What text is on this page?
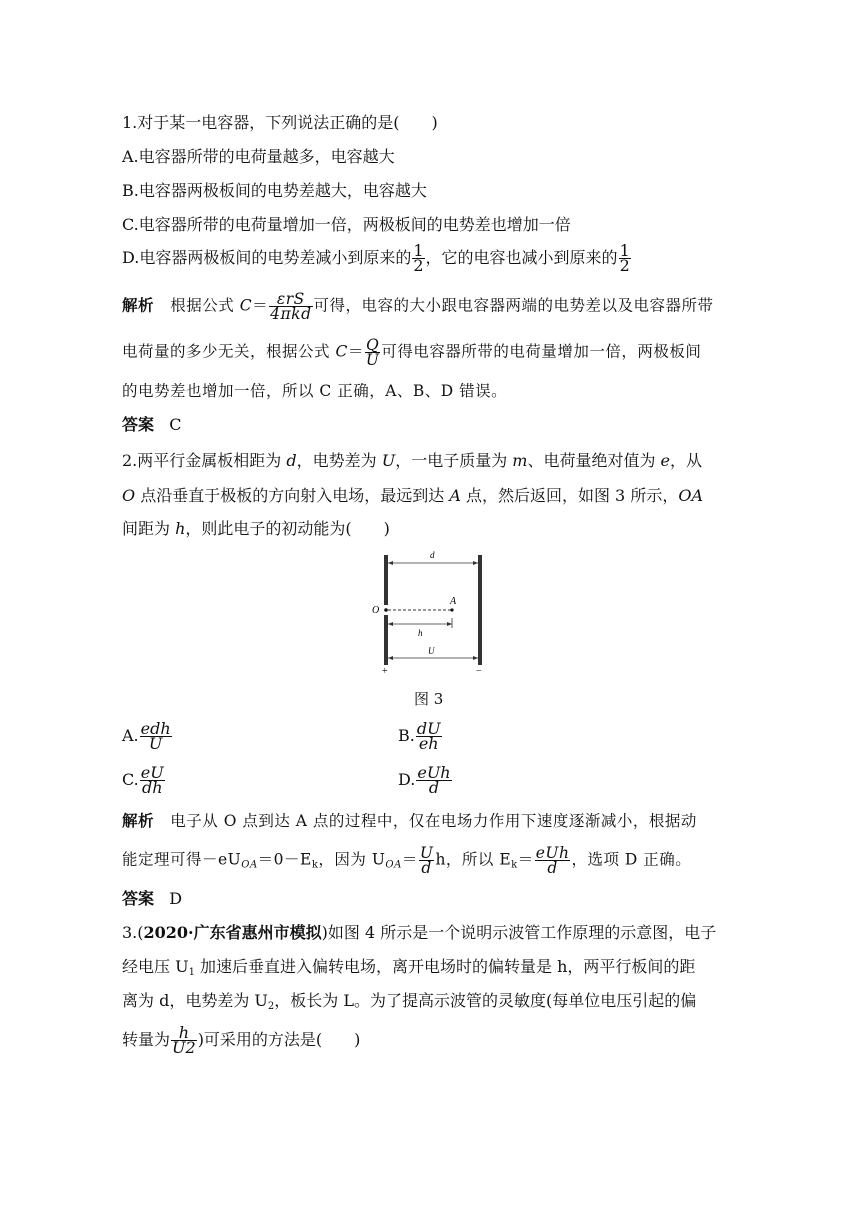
1.对于某一电容器，下列说法正确的是(　　)
A.电容器所带的电荷量越多，电容越大
B.电容器两极板间的电势差越大，电容越大
C.电容器所带的电荷量增加一倍，两极板间的电势差也增加一倍
D.电容器两极板间的电势差减小到原来的 $\frac{1}{2}$ ，它的电容也减小到原来的 $\frac{1}{2}$
解析 根据公式 $C= \frac{\text{εrS}}{\text{4πkd}}$ 可得，电容的大小跟电容器两端的电势差以及电容器所带
电荷量的多少无关，根据公式 $C= \frac{Q}{U}$ 可得电容器所带的电荷量增加一倍，两极板间
的电势差也增加一倍，所以 C 正确，A、B、D 错误。
答案 C
2.两平行金属板相距为 d，电势差为 U，一电子质量为 m、电荷量绝对值为 e，从
O 点沿垂直于极板的方向射入电场，最远到达 A 点，然后返回，如图 3 所示，OA
间距为 h，则此电子的初动能为(　　)
d
O
A
h
U
+	−
图 3
A. $\frac{\text{edh}}{U}$	B. $\frac{dU}{eh}$
C. $\frac{eU}{dh}$	D. $\frac{\text{eUh}}{d}$
解析 电子从 O 点到达 A 点的过程中，仅在电场力作用下速度逐渐减小，根据动
能定理可得$-eU_{OA}=0-E_k$，因为 $U_{OA}= \frac{U}{d}$ h，所以 $E_k= \frac{\text{eUh}}{d}$ ，选项 D 正确。
答案 D
3.(2020·广东省惠州市模拟)如图 4 所示是一个说明示波管工作原理的示意图，电子
经电压 $U_1$ 加速后垂直进入偏转电场，离开电场时的偏转量是 h，两平行板间的距
离为 d，电势差为 $U_2$，板长为 L。为了提高示波管的灵敏度(每单位电压引起的偏
转量为 $\frac{h}{U2}$ )可采用的方法是(　　)
